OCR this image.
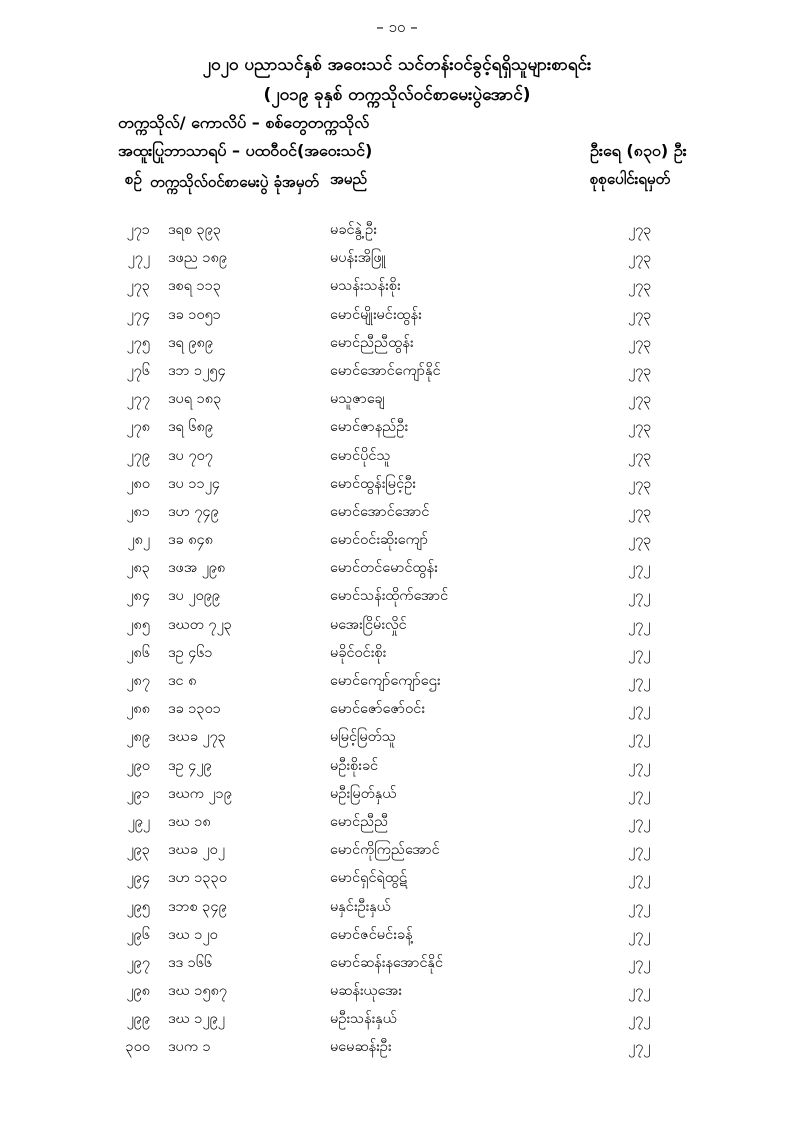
– ၁၀ –
၂၀၂၀ ပညာသင်နှစ် အဝေးသင် သင်တန်းဝင်ခွင့်ရရှိသူများစာရင်း
(၂၀၁၉ ခုနှစ် တက္ကသိုလ်ဝင်စာမေးပွဲအောင်)
တက္ကသိုလ်/ ကောလိပ် – စစ်တွေတက္ကသိုလ်
အထူးပြုဘာသာရပ် – ပထဝီဝင်(အဝေးသင်)	ဦးရေ (၈၃၀) ဦး
စဉ် တက္ကသိုလ်ဝင်စာမေးပွဲ ခုံအမှတ် အမည်	စုစုပေါင်းရမှတ်
၂၇၁ ဒရစ ၃၉၃	မခင်နွဲ့ဦး	၂၇၃
၂၇၂ ဒဖည ၁၈၉	မပန်းအိဖြူ	၂၇၃
၂၇၃ ဒစရ ၁၁၃	မသန်းသန်းစိုး	၂၇၃
၂၇၄ ဒခ ၁၀၅၁	မောင်မျိုးမင်းထွန်း	၂၇၃
၂၇၅ ဒရ ၉၈၉	မောင်ညီညီထွန်း	၂၇၃
၂၇၆ ဒဘ ၁၂၅၄	မောင်အောင်ကျော်နိုင်	၂၇၃
၂၇၇ ဒပရ ၁၈၃	မသူဇာချေ	၂၇၃
၂၇၈ ဒရ ၆၈၉	မောင်ဇာနည်ဦး	၂၇၃
၂၇၉ ဒပ ၇၀၇	မောင်ပိုင်သူ	၂၇၃
၂၈၀ ဒပ ၁၁၂၄	မောင်ထွန်းမြင့်ဦး	၂၇၃
၂၈၁ ဒဟ ၇၄၉	မောင်အောင်အောင်	၂၇၃
၂၈၂ ဒခ ၈၄၈	မောင်ဝင်းဆိုးကျော်	၂၇၃
၂၈၃ ဒဖအ ၂၉၈	မောင်တင်မောင်ထွန်း	၂၇၂
၂၈၄ ဒပ ၂၀၉၉	မောင်သန်းထိုက်အောင်	၂၇၂
၂၈၅ ဒဃတ ၇၂၃	မအေးငြိမ်းလှိုင်	၂၇၂
၂၈၆ ဒဥ ၄၆၁	မခိုင်ဝင်းစိုး	၂၇၂
၂၈၇ ဒင ၈	မောင်ကျော်ကျော်ဌေး	၂၇၂
၂၈၈ ဒခ ၁၃၀၁	မောင်ဇော်ဇော်ဝင်း	၂၇၂
၂၈၉ ဒဃခ ၂၇၃	မမြင့်မြတ်သူ	၂၇၂
၂၉၀ ဒဥ ၄၂၉	မဦးစိုးခင်	၂၇၂
၂၉၁ ဒဃက ၂၁၉	မဦးမြတ်နှယ်	၂၇၂
၂၉၂ ဒဃ ၁၈	မောင်ညီညီ	၂၇၂
၂၉၃ ဒဃခ ၂၀၂	မောင်ကိုကြည်အောင်	၂၇၂
၂၉၄ ဒဟ ၁၃၃၀	မောင်ရှင်ရဲထွဋ်	၂၇၂
၂၉၅ ဒဘစ ၃၄၉	မနှင်းဦးနှယ်	၂၇၂
၂၉၆ ဒဃ ၁၂၀	မောင်ဇင်မင်းခန့်	၂၇၂
၂၉၇ ဒဒ ၁၆၆	မောင်ဆန်းနအောင်နိုင်	၂၇၂
၂၉၈ ဒဃ ၁၅၈၇	မဆန်းယုအေး	၂၇၂
၂၉၉ ဒဃ ၁၂၉၂	မဦးသန်းနှယ်	၂၇၂
၃၀၀ ဒပက ၁	မမေဆန်းဦး	၂၇၂
